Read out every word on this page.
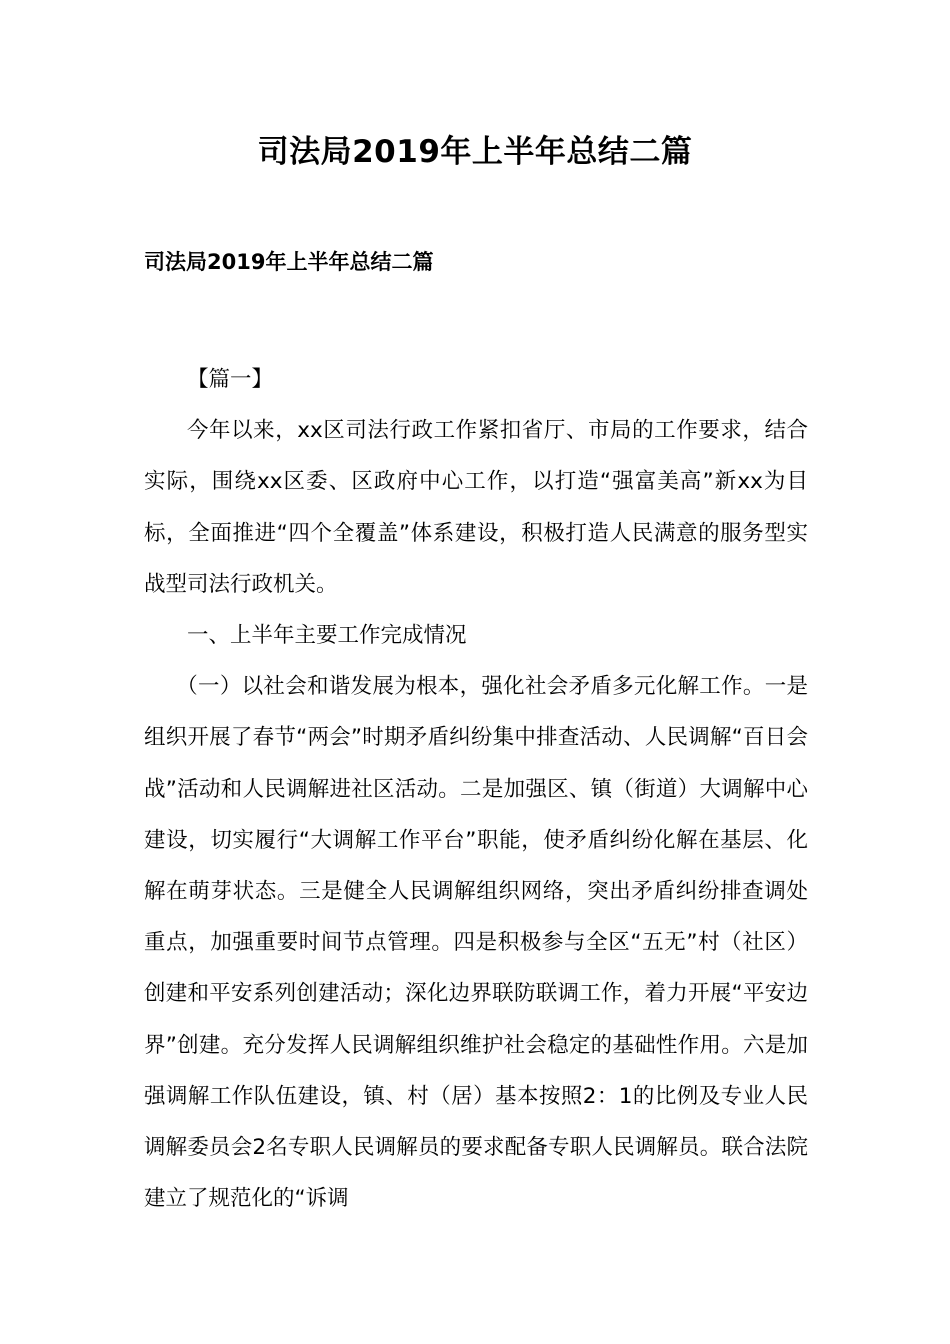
司法局2019年上半年总结二篇
司法局2019年上半年总结二篇

【篇一】

今年以来，xx区司法行政工作紧扣省厅、市局的工作要求，结合实际，围绕xx区委、区政府中心工作，以打造“强富美高”新xx为目标，全面推进“四个全覆盖”体系建设，积极打造人民满意的服务型实战型司法行政机关。

一、上半年主要工作完成情况

（一）以社会和谐发展为根本，强化社会矛盾多元化解工作。一是组织开展了春节“两会”时期矛盾纠纷集中排查活动、人民调解“百日会战”活动和人民调解进社区活动。二是加强区、镇（街道）大调解中心建设，切实履行“大调解工作平台”职能，使矛盾纠纷化解在基层、化解在萌芽状态。三是健全人民调解组织网络，突出矛盾纠纷排查调处重点，加强重要时间节点管理。四是积极参与全区“五无”村（社区）创建和平安系列创建活动；深化边界联防联调工作，着力开展“平安边界”创建。充分发挥人民调解组织维护社会稳定的基础性作用。六是加强调解工作队伍建设，镇、村（居）基本按照2：1的比例及专业人民调解委员会2名专职人民调解员的要求配备专职人民调解员。联合法院建立了规范化的“诉调
